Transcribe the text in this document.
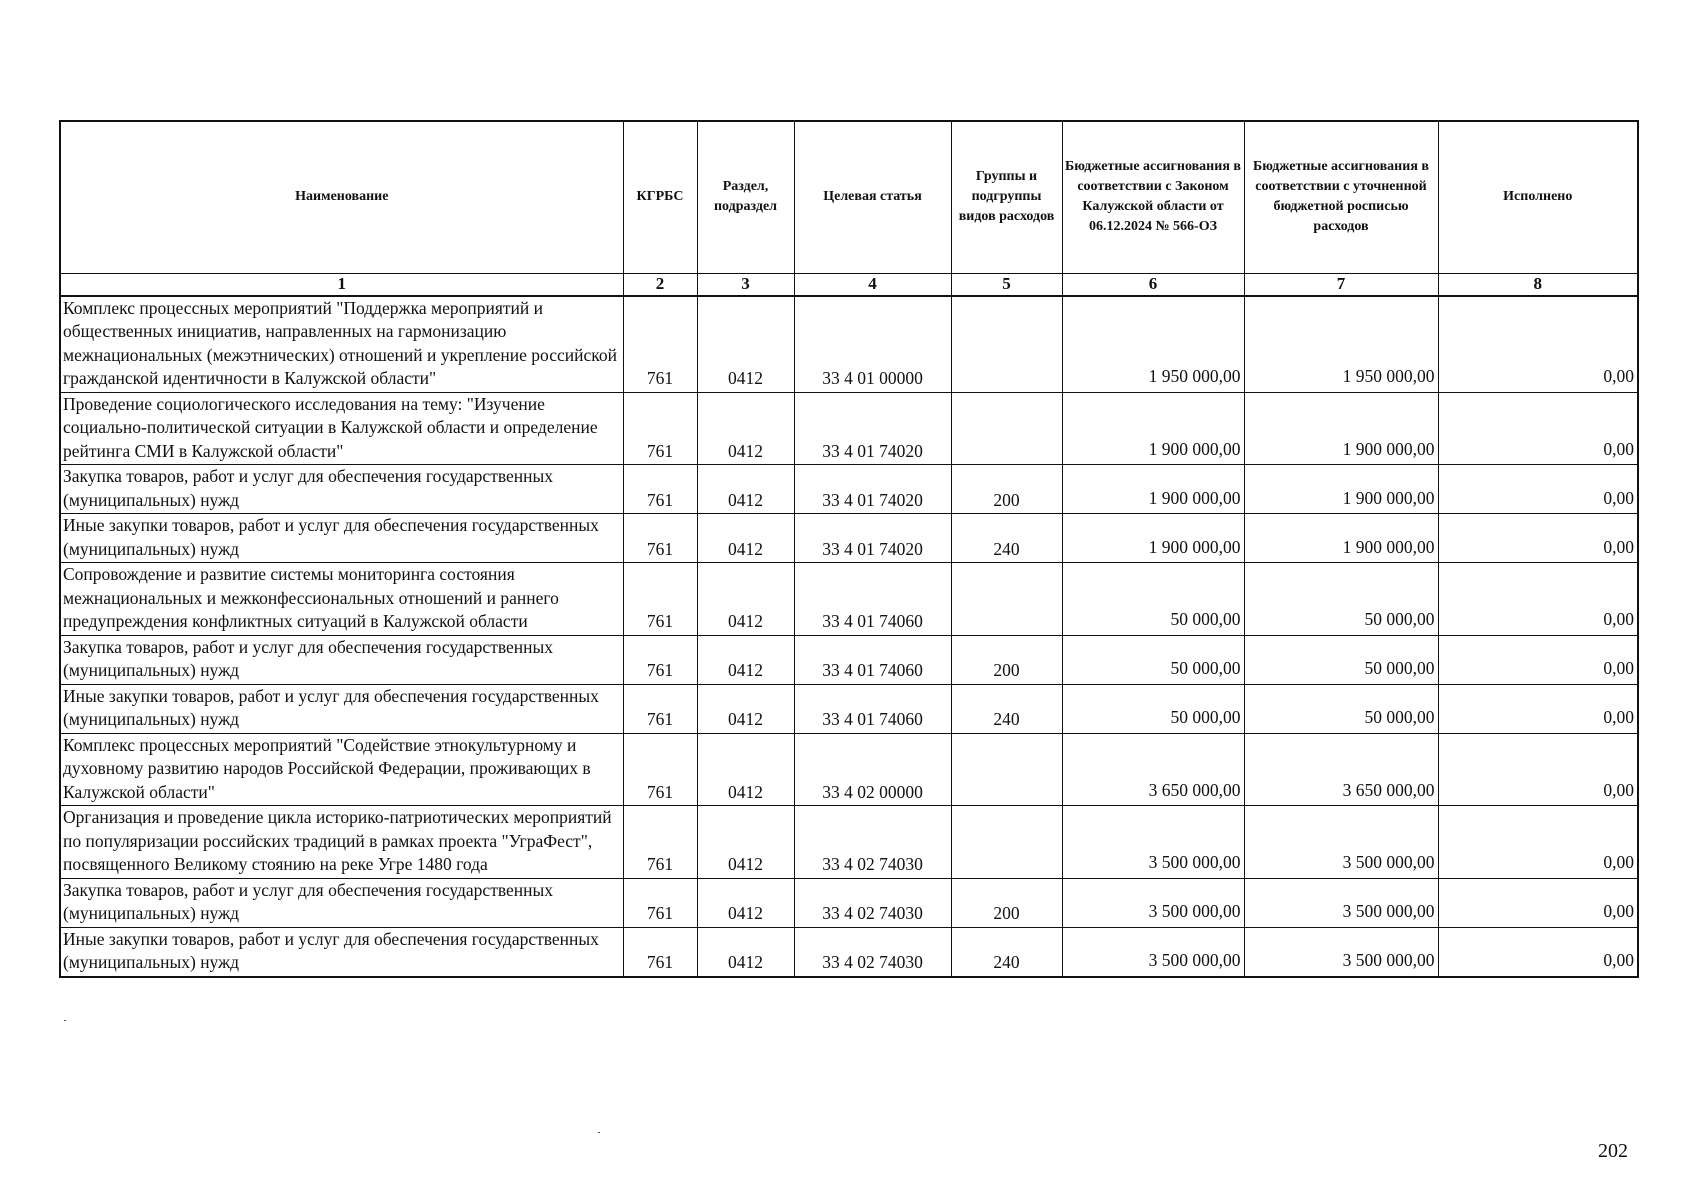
Наименование	КГРБС	Раздел, подраздел	Целевая статья	Группы и подгруппы видов расходов	Бюджетные ассигнования в соответствии с Законом Калужской области от 06.12.2024 № 566-ОЗ	Бюджетные ассигнования в соответствии с уточненной бюджетной росписью расходов	Исполнено
1	2	3	4	5	6	7	8
Комплекс процессных мероприятий "Поддержка мероприятий и общественных инициатив, направленных на гармонизацию межнациональных (межэтнических) отношений и укрепление российской гражданской идентичности в Калужской области"	761	0412	33 4 01 00000		1 950 000,00	1 950 000,00	0,00
Проведение социологического исследования на тему: "Изучение социально-политической ситуации в Калужской области и определение рейтинга СМИ в Калужской области"	761	0412	33 4 01 74020		1 900 000,00	1 900 000,00	0,00
Закупка товаров, работ и услуг для обеспечения государственных (муниципальных) нужд	761	0412	33 4 01 74020	200	1 900 000,00	1 900 000,00	0,00
Иные закупки товаров, работ и услуг для обеспечения государственных (муниципальных) нужд	761	0412	33 4 01 74020	240	1 900 000,00	1 900 000,00	0,00
Сопровождение и развитие системы мониторинга состояния межнациональных и межконфессиональных отношений и раннего предупреждения конфликтных ситуаций в Калужской области	761	0412	33 4 01 74060		50 000,00	50 000,00	0,00
Закупка товаров, работ и услуг для обеспечения государственных (муниципальных) нужд	761	0412	33 4 01 74060	200	50 000,00	50 000,00	0,00
Иные закупки товаров, работ и услуг для обеспечения государственных (муниципальных) нужд	761	0412	33 4 01 74060	240	50 000,00	50 000,00	0,00
Комплекс процессных мероприятий "Содействие этнокультурному и духовному развитию народов Российской Федерации, проживающих в Калужской области"	761	0412	33 4 02 00000		3 650 000,00	3 650 000,00	0,00
Организация и проведение цикла историко-патриотических мероприятий по популяризации российских традиций в рамках проекта "УграФест", посвященного Великому стоянию на реке Угре 1480 года	761	0412	33 4 02 74030		3 500 000,00	3 500 000,00	0,00
Закупка товаров, работ и услуг для обеспечения государственных (муниципальных) нужд	761	0412	33 4 02 74030	200	3 500 000,00	3 500 000,00	0,00
Иные закупки товаров, работ и услуг для обеспечения государственных (муниципальных) нужд	761	0412	33 4 02 74030	240	3 500 000,00	3 500 000,00	0,00
202
